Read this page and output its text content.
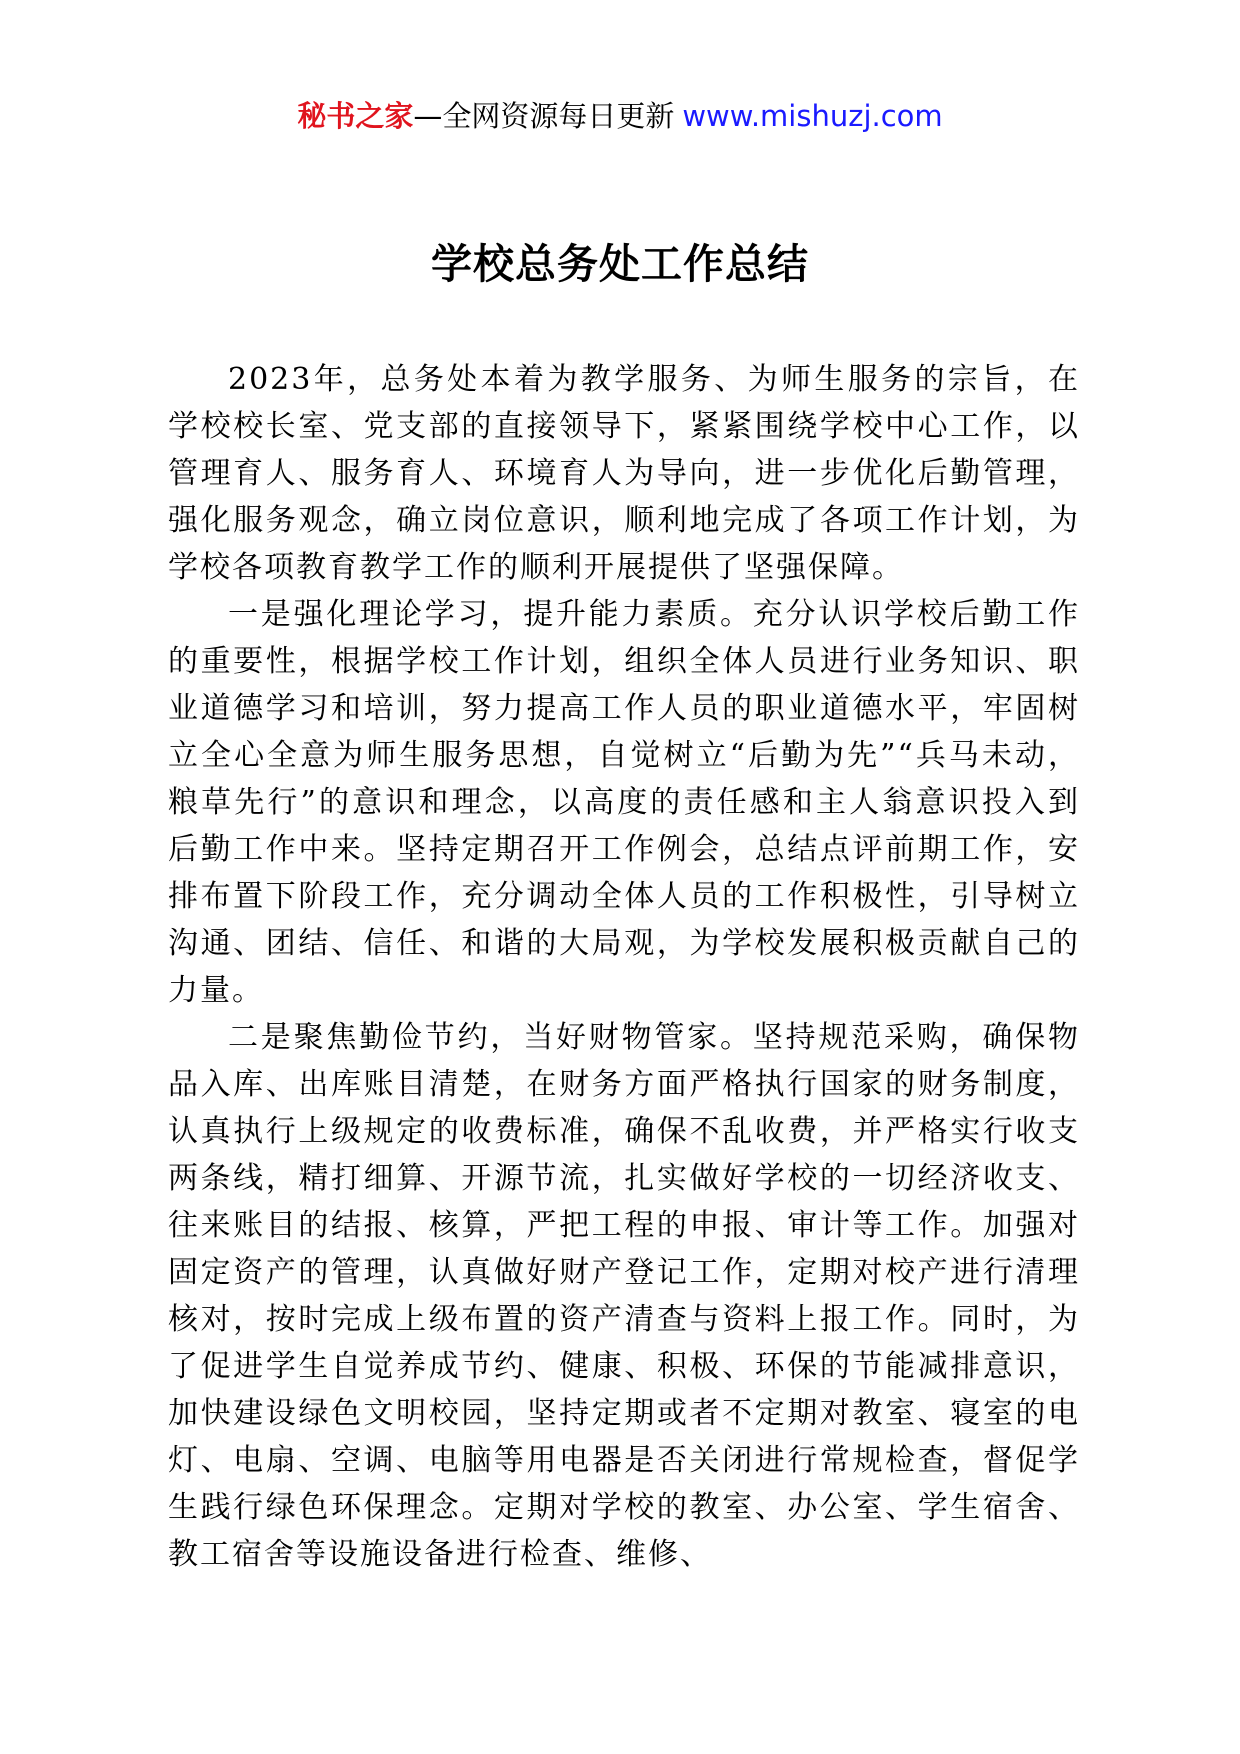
秘书之家—全网资源每日更新 www.mishuzj.com
学校总务处工作总结

2023年，总务处本着为教学服务、为师生服务的宗旨，在学校校长室、党支部的直接领导下，紧紧围绕学校中心工作，以管理育人、服务育人、环境育人为导向，进一步优化后勤管理，强化服务观念，确立岗位意识，顺利地完成了各项工作计划，为学校各项教育教学工作的顺利开展提供了坚强保障。

一是强化理论学习，提升能力素质。充分认识学校后勤工作的重要性，根据学校工作计划，组织全体人员进行业务知识、职业道德学习和培训，努力提高工作人员的职业道德水平，牢固树立全心全意为师生服务思想，自觉树立“后勤为先”“兵马未动，粮草先行”的意识和理念，以高度的责任感和主人翁意识投入到后勤工作中来。坚持定期召开工作例会，总结点评前期工作，安排布置下阶段工作，充分调动全体人员的工作积极性，引导树立沟通、团结、信任、和谐的大局观，为学校发展积极贡献自己的力量。

二是聚焦勤俭节约，当好财物管家。坚持规范采购，确保物品入库、出库账目清楚，在财务方面严格执行国家的财务制度，认真执行上级规定的收费标准，确保不乱收费，并严格实行收支两条线，精打细算、开源节流，扎实做好学校的一切经济收支、往来账目的结报、核算，严把工程的申报、审计等工作。加强对固定资产的管理，认真做好财产登记工作，定期对校产进行清理核对，按时完成上级布置的资产清查与资料上报工作。同时，为了促进学生自觉养成节约、健康、积极、环保的节能减排意识，加快建设绿色文明校园，坚持定期或者不定期对教室、寝室的电灯、电扇、空调、电脑等用电器是否关闭进行常规检查，督促学生践行绿色环保理念。定期对学校的教室、办公室、学生宿舍、教工宿舍等设施设备进行检查、维修、
